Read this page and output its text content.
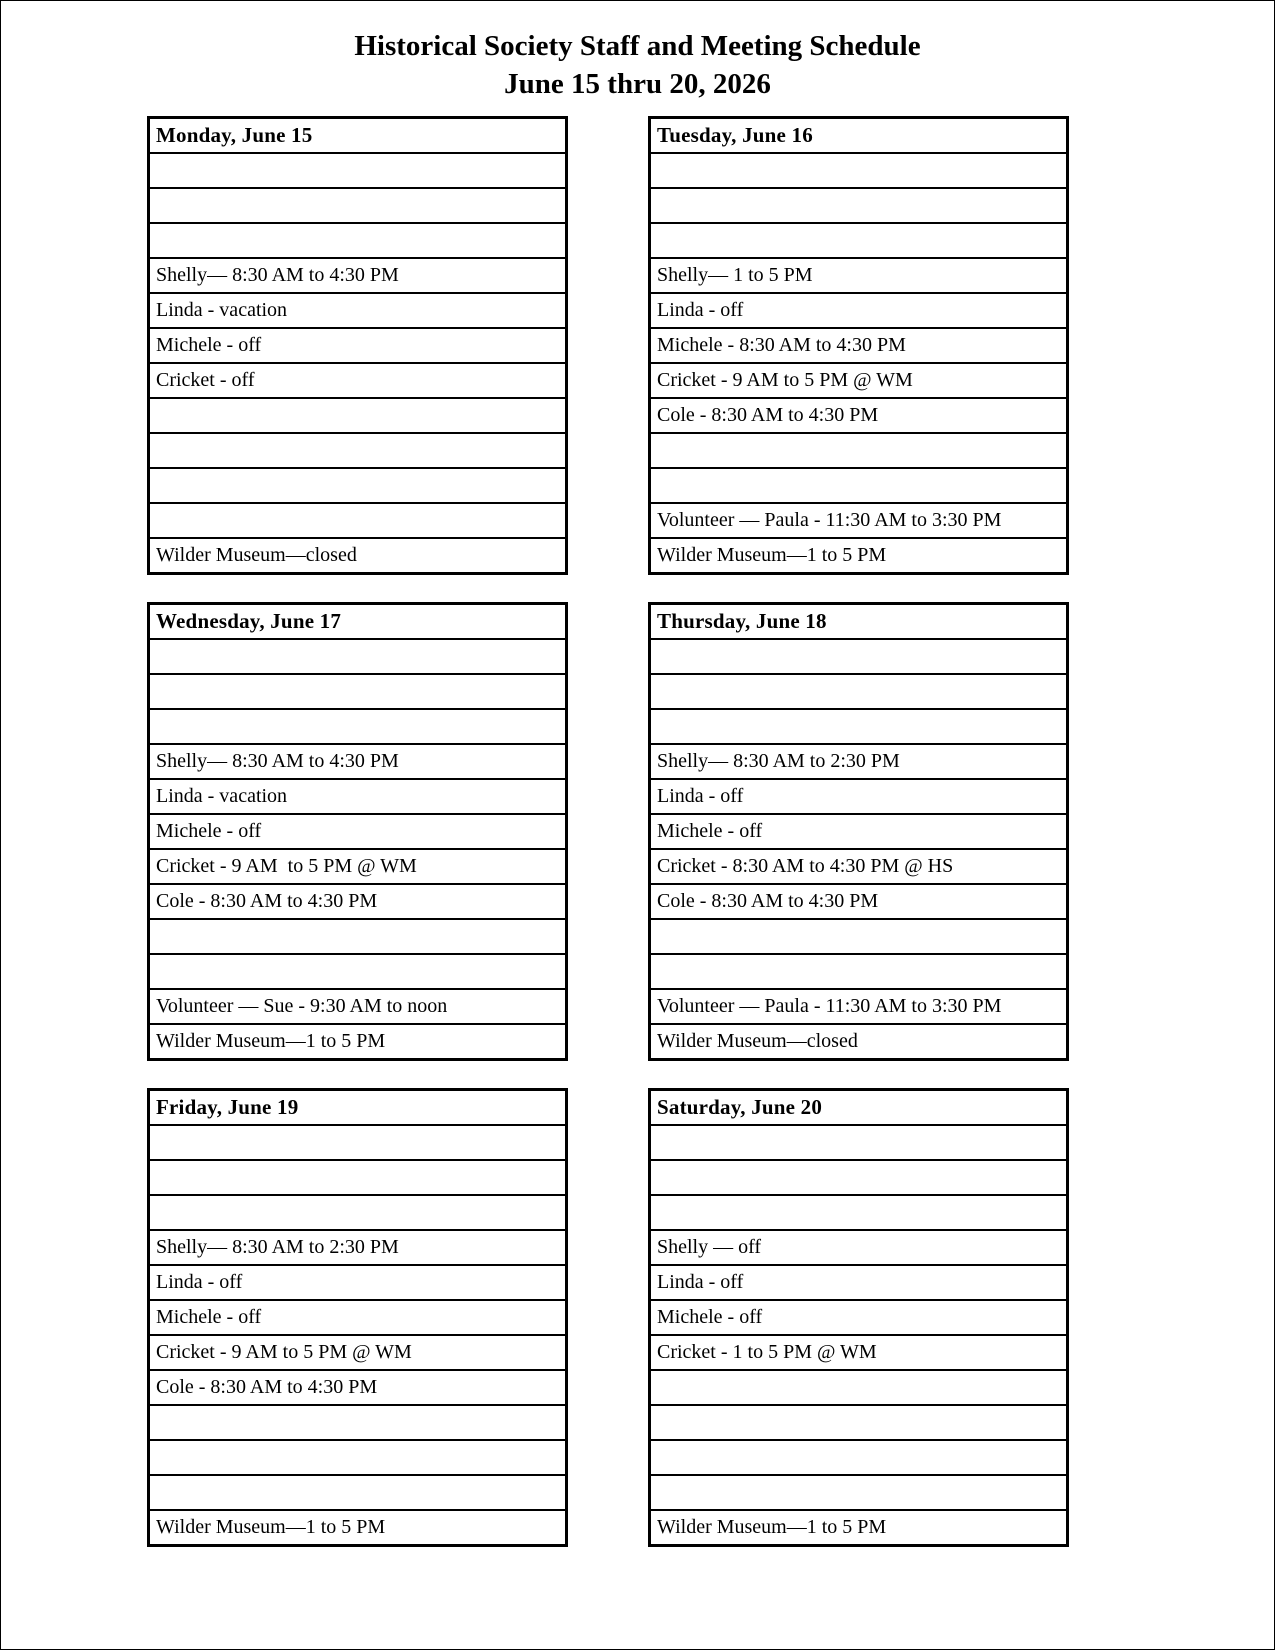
Historical Society Staff and Meeting Schedule
June 15 thru 20, 2026
Monday, June 15
Shelly— 8:30 AM to 4:30 PM
Linda - vacation
Michele - off
Cricket - off
Wilder Museum—closed
Tuesday, June 16
Shelly— 1 to 5 PM
Linda - off
Michele - 8:30 AM to 4:30 PM
Cricket - 9 AM to 5 PM @ WM
Cole - 8:30 AM to 4:30 PM
Volunteer — Paula - 11:30 AM to 3:30 PM
Wilder Museum—1 to 5 PM
Wednesday, June 17
Shelly— 8:30 AM to 4:30 PM
Linda - vacation
Michele - off
Cricket - 9 AM  to 5 PM @ WM
Cole - 8:30 AM to 4:30 PM
Volunteer — Sue - 9:30 AM to noon
Wilder Museum—1 to 5 PM
Thursday, June 18
Shelly— 8:30 AM to 2:30 PM
Linda - off
Michele - off
Cricket - 8:30 AM to 4:30 PM @ HS
Cole - 8:30 AM to 4:30 PM
Volunteer — Paula - 11:30 AM to 3:30 PM
Wilder Museum—closed
Friday, June 19
Shelly— 8:30 AM to 2:30 PM
Linda - off
Michele - off
Cricket - 9 AM to 5 PM @ WM
Cole - 8:30 AM to 4:30 PM
Wilder Museum—1 to 5 PM
Saturday, June 20
Shelly — off
Linda - off
Michele - off
Cricket - 1 to 5 PM @ WM
Wilder Museum—1 to 5 PM
